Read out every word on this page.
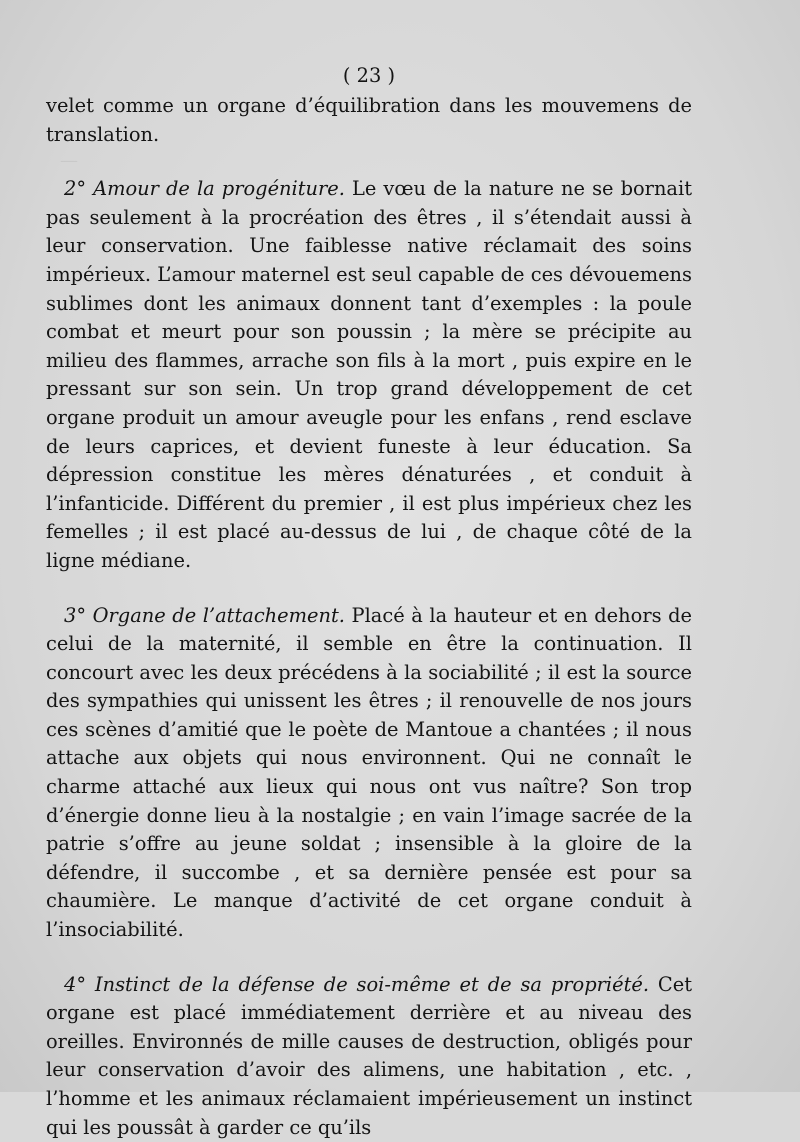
—
( 23 )

velet comme un organe d’équilibration dans les mouvemens de translation.

2° Amour de la progéniture. Le vœu de la nature ne se bornait pas seulement à la procréation des êtres , il s’étendait aussi à leur conservation. Une faiblesse native réclamait des soins impérieux. L’amour maternel est seul capable de ces dévouemens sublimes dont les animaux donnent tant d’exemples : la poule combat et meurt pour son poussin ; la mère se précipite au milieu des flammes, arrache son fils à la mort , puis expire en le pressant sur son sein. Un trop grand développement de cet organe produit un amour aveugle pour les enfans , rend esclave de leurs caprices, et devient funeste à leur éducation. Sa dépression constitue les mères dénaturées , et conduit à l’infanticide. Différent du premier , il est plus impérieux chez les femelles ; il est placé au-dessus de lui , de chaque côté de la ligne médiane.

3° Organe de l’attachement. Placé à la hauteur et en dehors de celui de la maternité, il semble en être la continuation. Il concourt avec les deux précédens à la sociabilité ; il est la source des sympathies qui unissent les êtres ; il renouvelle de nos jours ces scènes d’amitié que le poète de Mantoue a chantées ; il nous attache aux objets qui nous environnent. Qui ne connaît le charme attaché aux lieux qui nous ont vus naître? Son trop d’énergie donne lieu à la nostalgie ; en vain l’image sacrée de la patrie s’offre au jeune soldat ; insensible à la gloire de la défendre, il succombe , et sa dernière pensée est pour sa chaumière. Le manque d’activité de cet organe conduit à l’insociabilité.

4° Instinct de la défense de soi-même et de sa propriété. Cet organe est placé immédiatement derrière et au niveau des oreilles. Environnés de mille causes de destruction, obligés pour leur conservation d’avoir des alimens, une habitation , etc. , l’homme et les animaux réclamaient impérieusement un instinct qui les poussât à garder ce qu’ils
